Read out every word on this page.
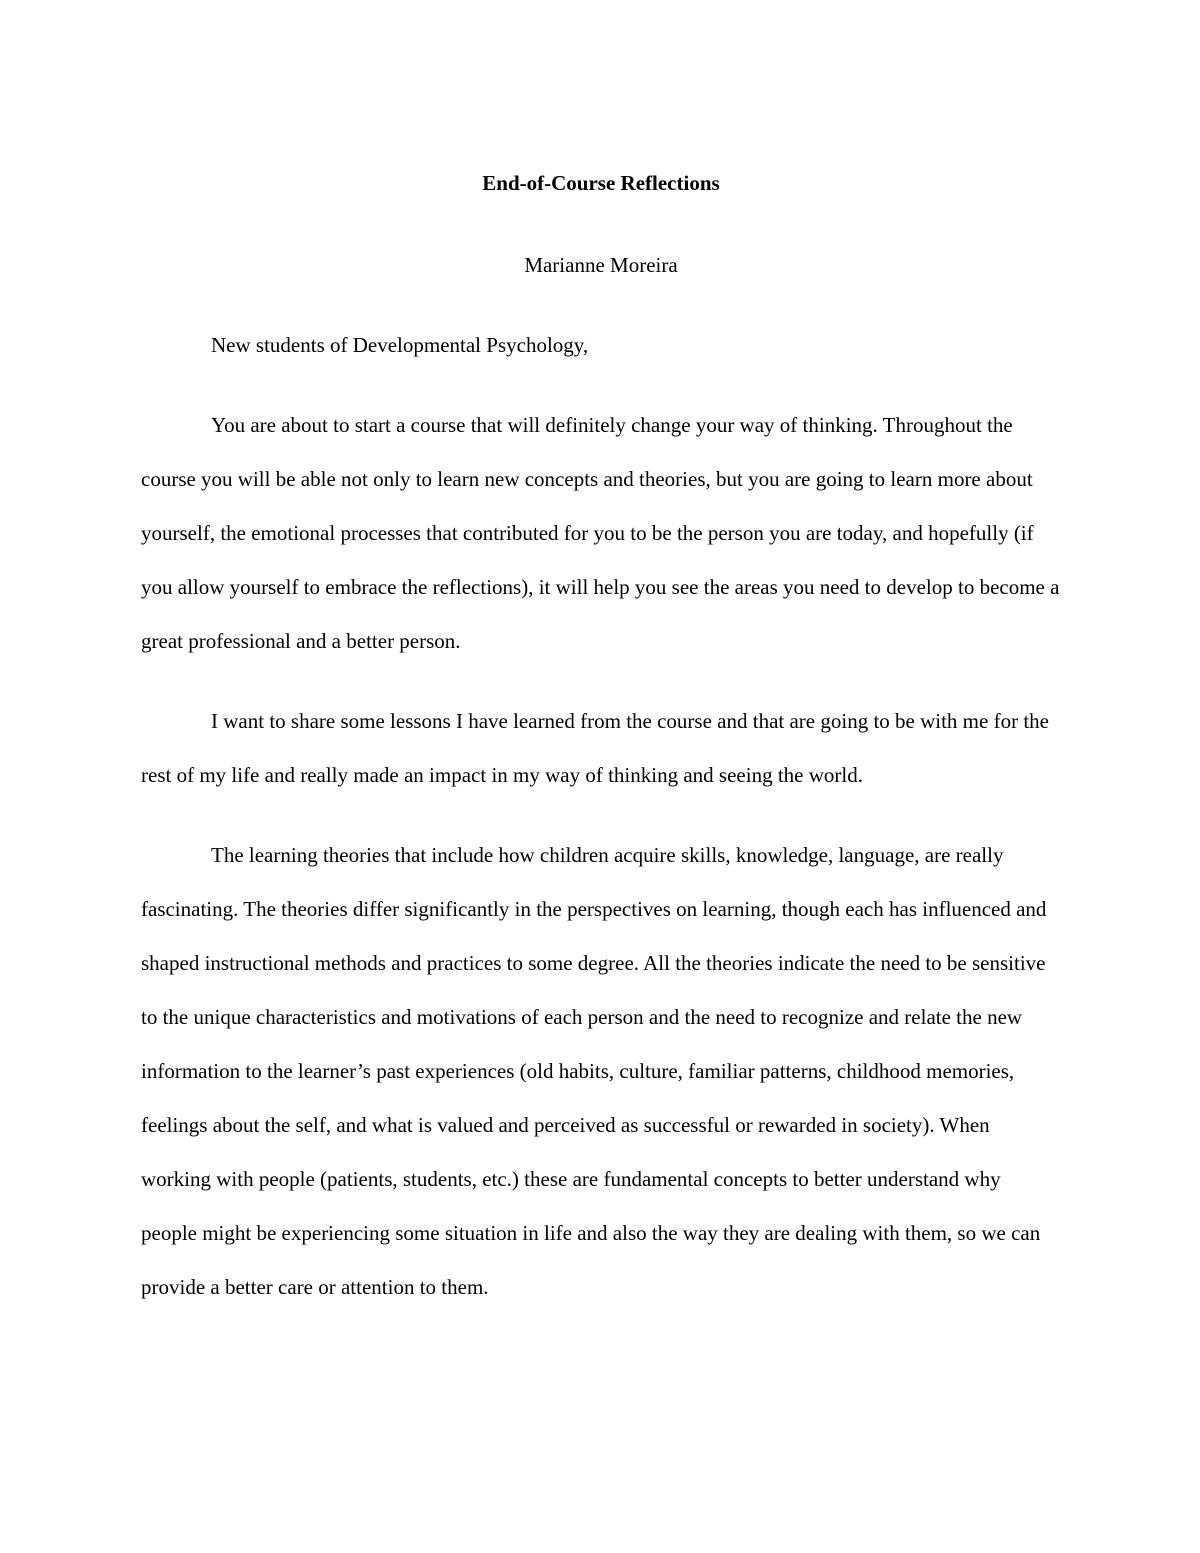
End-of-Course Reflections

Marianne Moreira

New students of Developmental Psychology,

You are about to start a course that will definitely change your way of thinking. Throughout the course you will be able not only to learn new concepts and theories, but you are going to learn more about yourself, the emotional processes that contributed for you to be the person you are today, and hopefully (if you allow yourself to embrace the reflections), it will help you see the areas you need to develop to become a great professional and a better person.

I want to share some lessons I have learned from the course and that are going to be with me for the rest of my life and really made an impact in my way of thinking and seeing the world.

The learning theories that include how children acquire skills, knowledge, language, are really fascinating. The theories differ significantly in the perspectives on learning, though each has influenced and shaped instructional methods and practices to some degree. All the theories indicate the need to be sensitive to the unique characteristics and motivations of each person and the need to recognize and relate the new information to the learner’s past experiences (old habits, culture, familiar patterns, childhood memories, feelings about the self, and what is valued and perceived as successful or rewarded in society). When working with people (patients, students, etc.) these are fundamental concepts to better understand why people might be experiencing some situation in life and also the way they are dealing with them, so we can provide a better care or attention to them.
